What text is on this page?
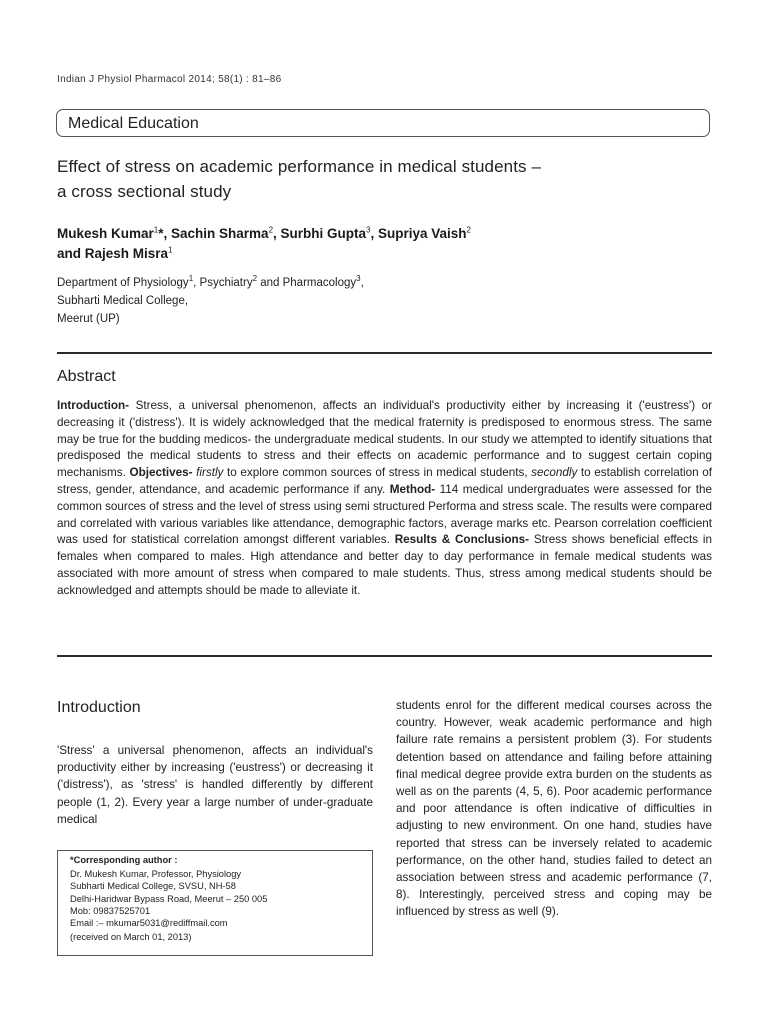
Indian J Physiol Pharmacol 2014; 58(1) : 81–86
Medical Education
Effect of stress on academic performance in medical students –
a cross sectional study
Mukesh Kumar$^1$*, Sachin Sharma$^2$, Surbhi Gupta$^3$, Supriya Vaish$^2$
and Rajesh Misra$^1$
Department of Physiology$^1$, Psychiatry$^2$ and Pharmacology$^3$,
Subharti Medical College,
Meerut (UP)
Abstract
Introduction- Stress, a universal phenomenon, affects an individual's productivity either by increasing it ('eustress') or decreasing it ('distress'). It is widely acknowledged that the medical fraternity is predisposed to enormous stress. The same may be true for the budding medicos- the undergraduate medical students. In our study we attempted to identify situations that predisposed the medical students to stress and their effects on academic performance and to suggest certain coping mechanisms. Objectives- firstly to explore common sources of stress in medical students, secondly to establish correlation of stress, gender, attendance, and academic performance if any. Method- 114 medical undergraduates were assessed for the common sources of stress and the level of stress using semi structured Performa and stress scale. The results were compared and correlated with various variables like attendance, demographic factors, average marks etc. Pearson correlation coefficient was used for statistical correlation amongst different variables. Results & Conclusions- Stress shows beneficial effects in females when compared to males. High attendance and better day to day performance in female medical students was associated with more amount of stress when compared to male students. Thus, stress among medical students should be acknowledged and attempts should be made to alleviate it.
Introduction
'Stress' a universal phenomenon, affects an individual's productivity either by increasing ('eustress') or decreasing it ('distress'), as 'stress' is handled differently by different people (1, 2). Every year a large number of under-graduate medical
students enrol for the different medical courses across the country. However, weak academic performance and high failure rate remains a persistent problem (3). For students detention based on attendance and failing before attaining final medical degree provide extra burden on the students as well as on the parents (4, 5, 6). Poor academic performance and poor attendance is often indicative of difficulties in adjusting to new environment. On one hand, studies have reported that stress can be inversely related to academic performance, on the other hand, studies failed to detect an association between stress and academic performance (7, 8). Interestingly, perceived stress and coping may be influenced by stress as well (9).
*Corresponding author :
Dr. Mukesh Kumar, Professor, Physiology
Subharti Medical College, SVSU, NH-58
Delhi-Haridwar Bypass Road, Meerut – 250 005
Mob: 09837525701
Email :– mkumar5031@rediffmail.com
(received on March 01, 2013)
